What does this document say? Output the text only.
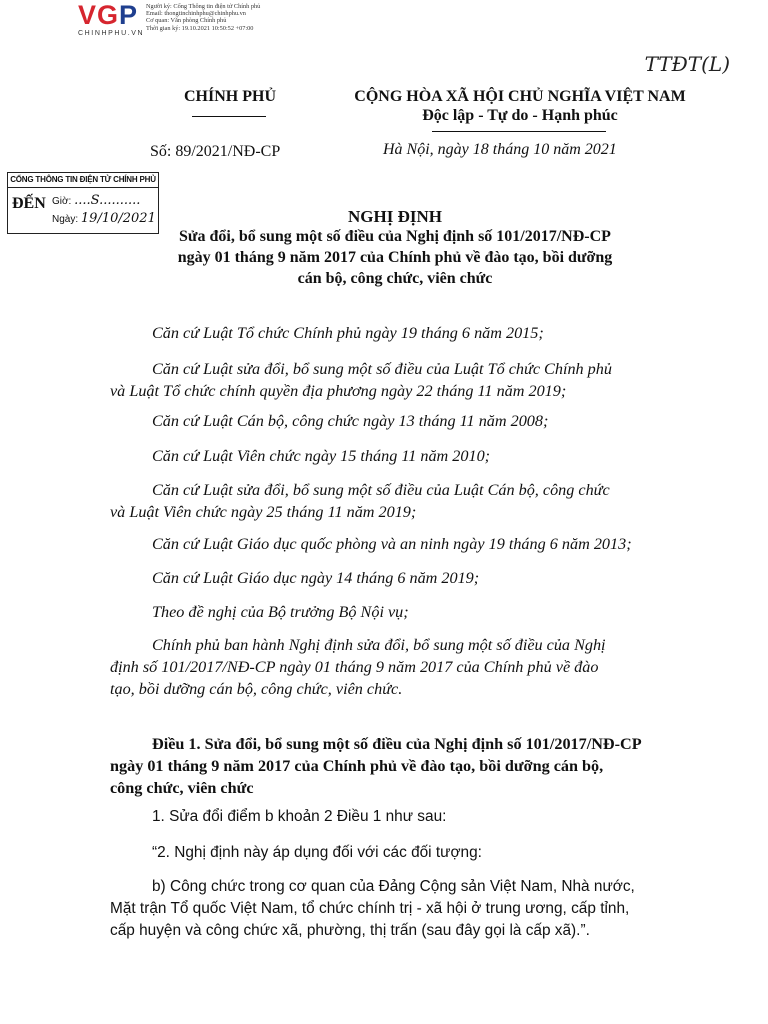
VGP
CHINHPHU.VN
Người ký: Cổng Thông tin điện tử Chính phủ
Email: thongtinchinhphu@chinhphu.vn
Cơ quan: Văn phòng Chính phủ
Thời gian ký: 19.10.2021 10:50:52 +07:00
TTĐT(L)
CHÍNH PHỦ	CỘNG HÒA XÃ HỘI CHỦ NGHĨA VIỆT NAM
Độc lập - Tự do - Hạnh phúc
Số: 89/2021/NĐ-CP	Hà Nội, ngày 18 tháng 10 năm 2021
CỔNG THÔNG TIN ĐIỆN TỬ CHÍNH PHỦ
ĐẾN Giờ: ....S..........
Ngày: 19/10/2021	NGHỊ ĐỊNH
Sửa đổi, bổ sung một số điều của Nghị định số 101/2017/NĐ-CP
ngày 01 tháng 9 năm 2017 của Chính phủ về đào tạo, bồi dưỡng
cán bộ, công chức, viên chức
Căn cứ Luật Tổ chức Chính phủ ngày 19 tháng 6 năm 2015;
Căn cứ Luật sửa đổi, bổ sung một số điều của Luật Tổ chức Chính phủ
và Luật Tổ chức chính quyền địa phương ngày 22 tháng 11 năm 2019;
Căn cứ Luật Cán bộ, công chức ngày 13 tháng 11 năm 2008;
Căn cứ Luật Viên chức ngày 15 tháng 11 năm 2010;
Căn cứ Luật sửa đổi, bổ sung một số điều của Luật Cán bộ, công chức
và Luật Viên chức ngày 25 tháng 11 năm 2019;
Căn cứ Luật Giáo dục quốc phòng và an ninh ngày 19 tháng 6 năm 2013;
Căn cứ Luật Giáo dục ngày 14 tháng 6 năm 2019;
Theo đề nghị của Bộ trưởng Bộ Nội vụ;
Chính phủ ban hành Nghị định sửa đổi, bổ sung một số điều của Nghị
định số 101/2017/NĐ-CP ngày 01 tháng 9 năm 2017 của Chính phủ về đào
tạo, bồi dưỡng cán bộ, công chức, viên chức.
Điều 1. Sửa đổi, bổ sung một số điều của Nghị định số 101/2017/NĐ-CP
ngày 01 tháng 9 năm 2017 của Chính phủ về đào tạo, bồi dưỡng cán bộ,
công chức, viên chức
1. Sửa đổi điểm b khoản 2 Điều 1 như sau:
“2. Nghị định này áp dụng đối với các đối tượng:
b) Công chức trong cơ quan của Đảng Cộng sản Việt Nam, Nhà nước,
Mặt trận Tổ quốc Việt Nam, tổ chức chính trị - xã hội ở trung ương, cấp tỉnh,
cấp huyện và công chức xã, phường, thị trấn (sau đây gọi là cấp xã).”.
